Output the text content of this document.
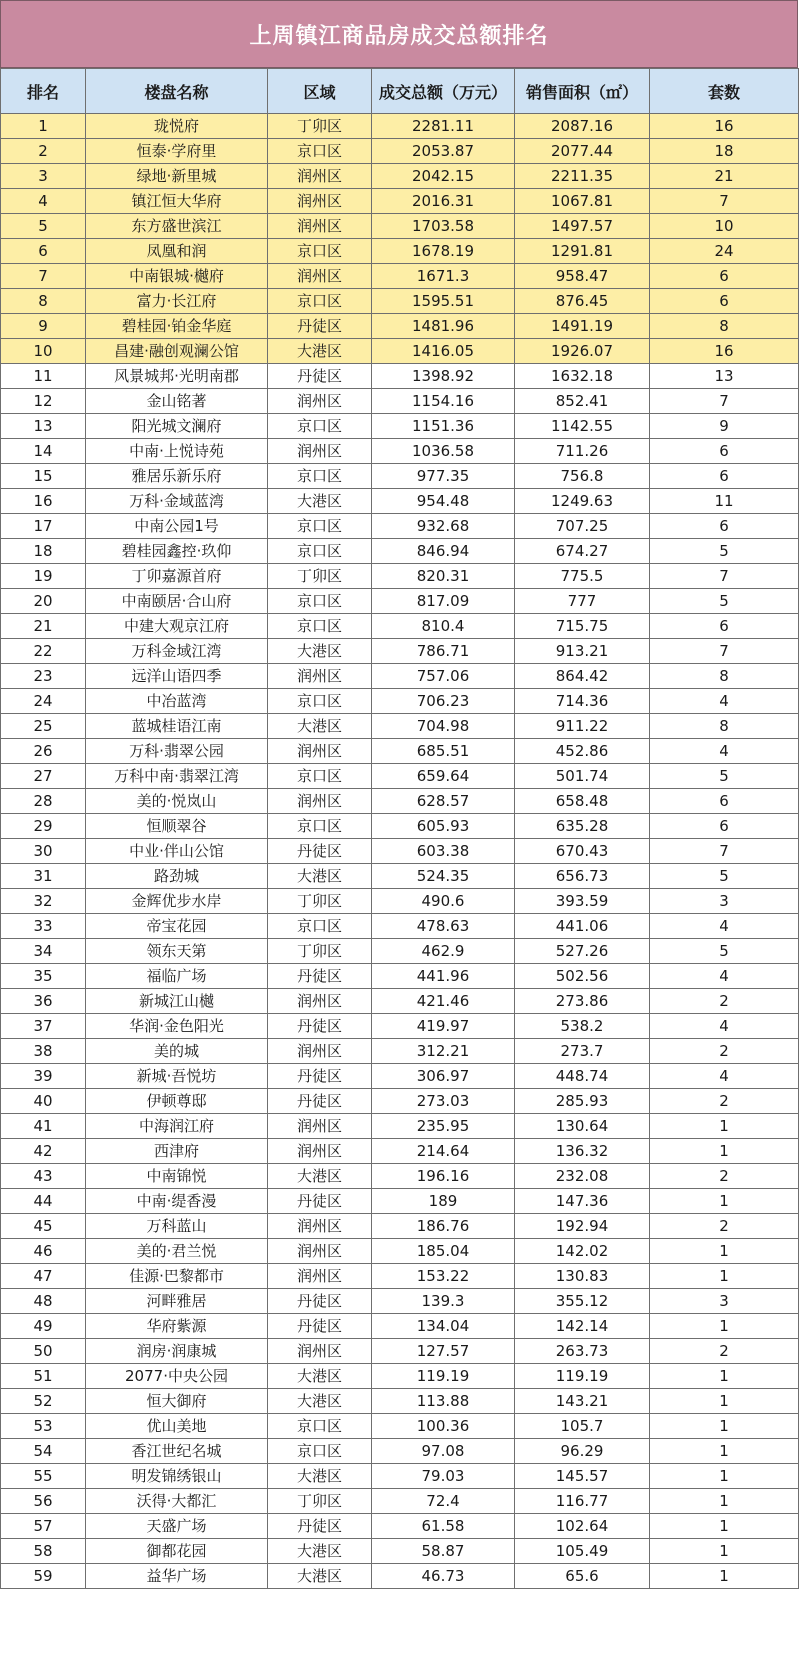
上周镇江商品房成交总额排名
排名	楼盘名称	区域	成交总额（万元）	销售面积（㎡）	套数
1	珑悦府	丁卯区	2281.11	2087.16	16
2	恒泰·学府里	京口区	2053.87	2077.44	18
3	绿地·新里城	润州区	2042.15	2211.35	21
4	镇江恒大华府	润州区	2016.31	1067.81	7
5	东方盛世滨江	润州区	1703.58	1497.57	10
6	凤凰和润	京口区	1678.19	1291.81	24
7	中南银城·樾府	润州区	1671.3	958.47	6
8	富力·长江府	京口区	1595.51	876.45	6
9	碧桂园·铂金华庭	丹徒区	1481.96	1491.19	8
10	昌建·融创观澜公馆	大港区	1416.05	1926.07	16
11	风景城邦·光明南郡	丹徒区	1398.92	1632.18	13
12	金山铭著	润州区	1154.16	852.41	7
13	阳光城文澜府	京口区	1151.36	1142.55	9
14	中南·上悦诗苑	润州区	1036.58	711.26	6
15	雅居乐新乐府	京口区	977.35	756.8	6
16	万科·金域蓝湾	大港区	954.48	1249.63	11
17	中南公园1号	京口区	932.68	707.25	6
18	碧桂园鑫控·玖仰	京口区	846.94	674.27	5
19	丁卯嘉源首府	丁卯区	820.31	775.5	7
20	中南颐居·合山府	京口区	817.09	777	5
21	中建大观京江府	京口区	810.4	715.75	6
22	万科金域江湾	大港区	786.71	913.21	7
23	远洋山语四季	润州区	757.06	864.42	8
24	中冶蓝湾	京口区	706.23	714.36	4
25	蓝城桂语江南	大港区	704.98	911.22	8
26	万科·翡翠公园	润州区	685.51	452.86	4
27	万科中南·翡翠江湾	京口区	659.64	501.74	5
28	美的·悦岚山	润州区	628.57	658.48	6
29	恒顺翠谷	京口区	605.93	635.28	6
30	中业·伴山公馆	丹徒区	603.38	670.43	7
31	路劲城	大港区	524.35	656.73	5
32	金辉优步水岸	丁卯区	490.6	393.59	3
33	帝宝花园	京口区	478.63	441.06	4
34	领东天第	丁卯区	462.9	527.26	5
35	福临广场	丹徒区	441.96	502.56	4
36	新城江山樾	润州区	421.46	273.86	2
37	华润·金色阳光	丹徒区	419.97	538.2	4
38	美的城	润州区	312.21	273.7	2
39	新城·吾悦坊	丹徒区	306.97	448.74	4
40	伊顿尊邸	丹徒区	273.03	285.93	2
41	中海润江府	润州区	235.95	130.64	1
42	西津府	润州区	214.64	136.32	1
43	中南锦悦	大港区	196.16	232.08	2
44	中南·缇香漫	丹徒区	189	147.36	1
45	万科蓝山	润州区	186.76	192.94	2
46	美的·君兰悦	润州区	185.04	142.02	1
47	佳源·巴黎都市	润州区	153.22	130.83	1
48	河畔雅居	丹徒区	139.3	355.12	3
49	华府紫源	丹徒区	134.04	142.14	1
50	润房·润康城	润州区	127.57	263.73	2
51	2077·中央公园	大港区	119.19	119.19	1
52	恒大御府	大港区	113.88	143.21	1
53	优山美地	京口区	100.36	105.7	1
54	香江世纪名城	京口区	97.08	96.29	1
55	明发锦绣银山	大港区	79.03	145.57	1
56	沃得·大都汇	丁卯区	72.4	116.77	1
57	天盛广场	丹徒区	61.58	102.64	1
58	御都花园	大港区	58.87	105.49	1
59	益华广场	大港区	46.73	65.6	1
